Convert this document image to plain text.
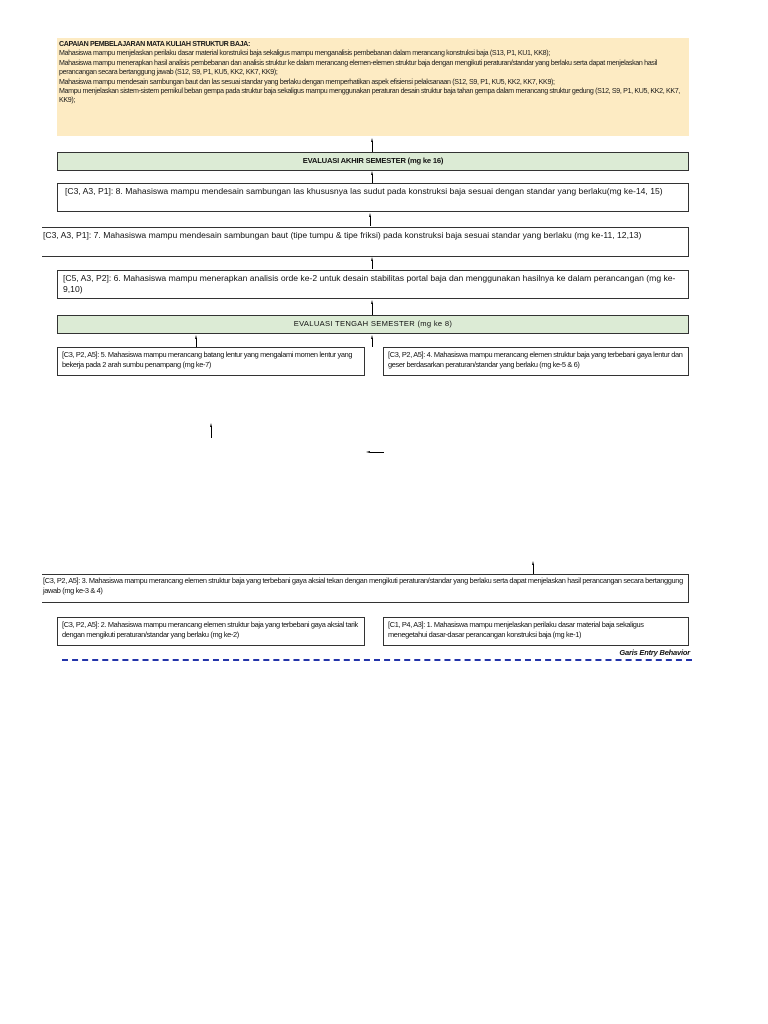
CAPAIAN PEMBELAJARAN MATA KULIAH STRUKTUR BAJA:
Mahasiswa mampu menjelaskan perilaku dasar material konstruksi baja sekaligus mampu menganalisis pembebanan dalam merancang konstruksi baja (S13, P1, KU1, KK8);
Mahasiswa mampu menerapkan hasil analisis pembebanan dan analisis struktur ke dalam merancang elemen-elemen struktur baja dengan mengikuti peraturan/standar yang berlaku serta dapat menjelaskan hasil perancangan secara bertanggung jawab (S12, S9, P1, KU5, KK2, KK7, KK9);
Mahasiswa mampu mendesain sambungan baut dan las sesuai standar yang berlaku dengan memperhatikan aspek efisiensi pelaksanaan (S12, S9, P1, KU5, KK2, KK7, KK9);
Mampu menjelaskan sistem-sistem pemikul beban gempa pada struktur baja sekaligus mampu menggunakan peraturan desain struktur baja tahan gempa dalam merancang struktur gedung (S12, S9, P1, KU5, KK2, KK7, KK9);
EVALUASI AKHIR SEMESTER (mg ke 16)
[C3, A3, P1]: 8. Mahasiswa mampu mendesain sambungan las khususnya las sudut pada konstruksi baja sesuai dengan standar yang berlaku(mg ke-14, 15)
[C3, A3, P1]: 7. Mahasiswa mampu mendesain sambungan baut (tipe tumpu & tipe friksi) pada konstruksi baja sesuai standar yang berlaku (mg ke-11, 12,13)
[C5, A3, P2]: 6. Mahasiswa mampu menerapkan analisis orde ke-2 untuk desain stabilitas portal baja dan menggunakan hasilnya ke dalam perancangan (mg ke-9,10)
EVALUASI TENGAH SEMESTER (mg ke 8)
[C3, P2, A5]: 5. Mahasiswa mampu merancang batang lentur yang mengalami momen lentur yang bekerja pada 2 arah sumbu penampang (mg ke-7)
[C3, P2, A5]: 4. Mahasiswa mampu merancang elemen struktur baja yang terbebani gaya lentur dan geser berdasarkan peraturan/standar yang berlaku (mg ke-5 & 6)
[C3, P2, A5]: 3. Mahasiswa mampu merancang elemen struktur baja yang terbebani gaya aksial tekan dengan mengikuti peraturan/standar yang berlaku serta dapat menjelaskan hasil perancangan secara bertanggung jawab (mg ke-3 & 4)
[C3, P2, A5]: 2. Mahasiswa mampu merancang elemen struktur baja yang terbebani gaya aksial tarik dengan mengikuti peraturan/standar yang berlaku (mg ke-2)
[C1, P4, A3]: 1. Mahasiswa mampu menjelaskan perilaku dasar material baja sekaligus menegetahui dasar-dasar perancangan konstruksi baja (mg ke-1)
Garis Entry Behavior
